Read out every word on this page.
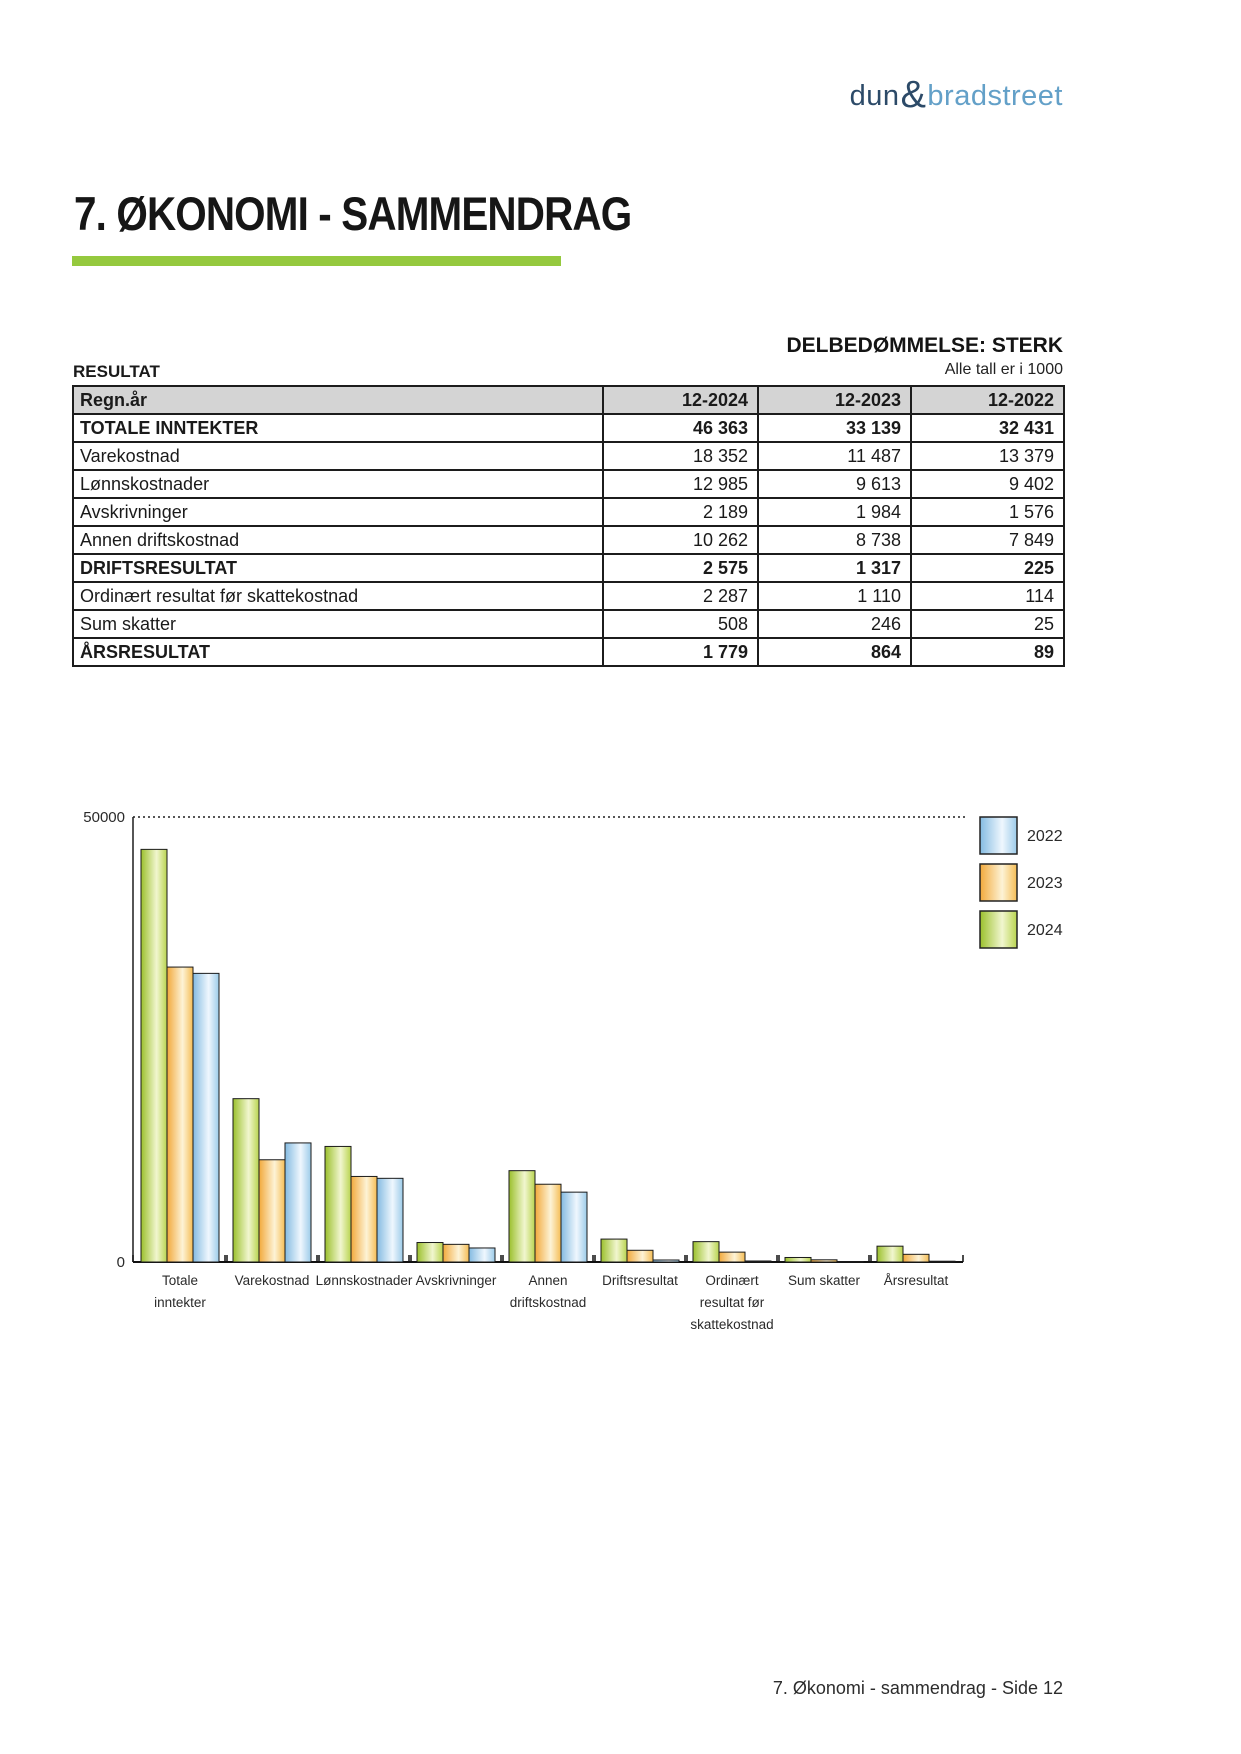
dun & bradstreet
7. ØKONOMI - SAMMENDRAG
DELBEDØMMELSE: STERK
RESULTAT	Alle tall er i 1000
Regn.år	12-2024	12-2023	12-2022
TOTALE INNTEKTER	46 363	33 139	32 431
Varekostnad	18 352	11 487	13 379
Lønnskostnader	12 985	9 613	9 402
Avskrivninger	2 189	1 984	1 576
Annen driftskostnad	10 262	8 738	7 849
DRIFTSRESULTAT	2 575	1 317	225
Ordinært resultat før skattekostnad	2 287	1 110	114
Sum skatter	508	246	25
ÅRSRESULTAT	1 779	864	89
50000
0
Totale
inntekter
Varekostnad Lønnskostnader Avskrivninger Annen
driftskostnad
Driftsresultat Ordinært
resultat før
skattekostnad
Sum skatter Årsresultat
2022
2023
2024
7. Økonomi - sammendrag - Side 12
